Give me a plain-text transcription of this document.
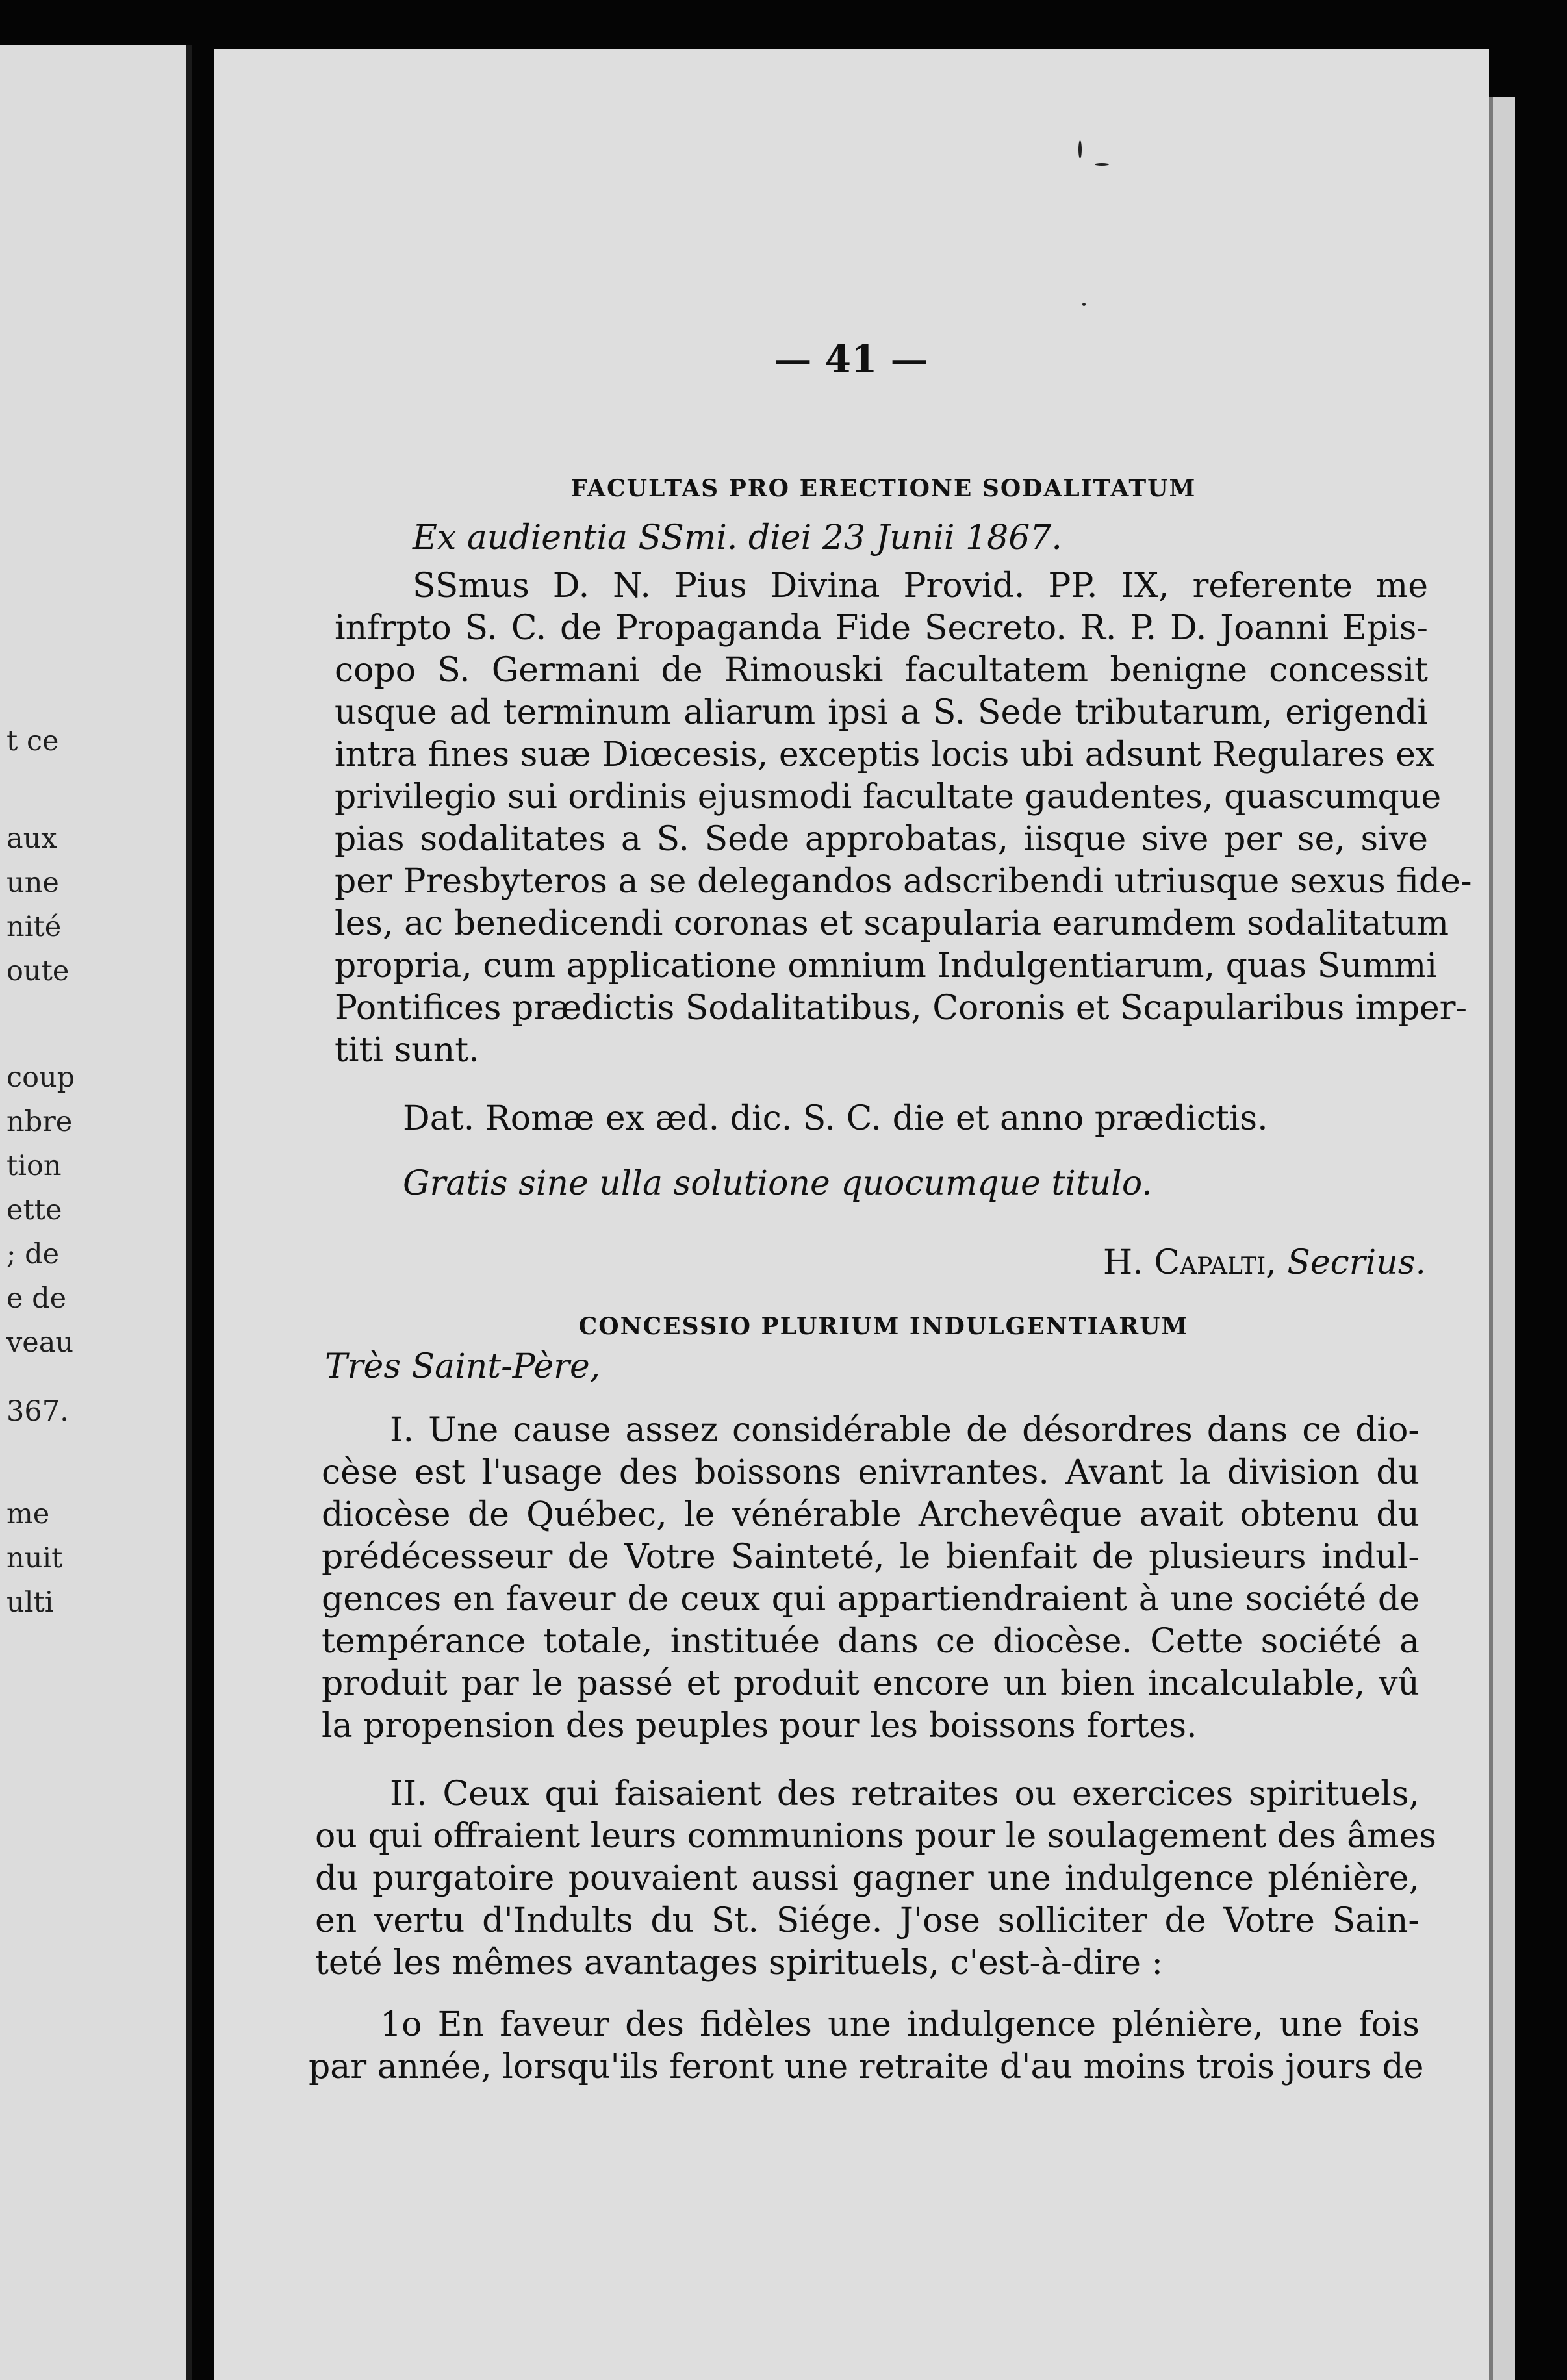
t ce

aux

une

nité

oute

coup

nbre

tion

ette

; de

e de

veau

367.

me

nuit

ulti

— 41 —
FACULTAS PRO ERECTIONE SODALITATUM
Ex audientia SSmi. diei 23 Junii 1867.
SSmus D. N. Pius Divina Provid. PP. IX, referente me
infrpto S. C. de Propaganda Fide Secreto. R. P. D. Joanni Epis-
copo S. Germani de Rimouski facultatem benigne concessit
usque ad terminum aliarum ipsi a S. Sede tributarum, erigendi
intra fines suæ Diœcesis, exceptis locis ubi adsunt Regulares ex
privilegio sui ordinis ejusmodi facultate gaudentes, quascumque
pias sodalitates a S. Sede approbatas, iisque sive per se, sive
per Presbyteros a se delegandos adscribendi utriusque sexus fide-
les, ac benedicendi coronas et scapularia earumdem sodalitatum
propria, cum applicatione omnium Indulgentiarum, quas Summi
Pontifices prædictis Sodalitatibus, Coronis et Scapularibus imper-
titi sunt.
Dat. Romæ ex æd. dic. S. C. die et anno prædictis.
Gratis sine ulla solutione quocumque titulo.
H. Capalti, Secrius.
CONCESSIO PLURIUM INDULGENTIARUM
Très Saint-Père,
I. Une cause assez considérable de désordres dans ce dio-
cèse est l'usage des boissons enivrantes. Avant la division du
diocèse de Québec, le vénérable Archevêque avait obtenu du
prédécesseur de Votre Sainteté, le bienfait de plusieurs indul-
gences en faveur de ceux qui appartiendraient à une société de
tempérance totale, instituée dans ce diocèse. Cette société a
produit par le passé et produit encore un bien incalculable, vû
la propension des peuples pour les boissons fortes.
II. Ceux qui faisaient des retraites ou exercices spirituels,
ou qui offraient leurs communions pour le soulagement des âmes
du purgatoire pouvaient aussi gagner une indulgence plénière,
en vertu d'Indults du St. Siége. J'ose solliciter de Votre Sain-
teté les mêmes avantages spirituels, c'est-à-dire :
1o En faveur des fidèles une indulgence plénière, une fois
par année, lorsqu'ils feront une retraite d'au moins trois jours de
